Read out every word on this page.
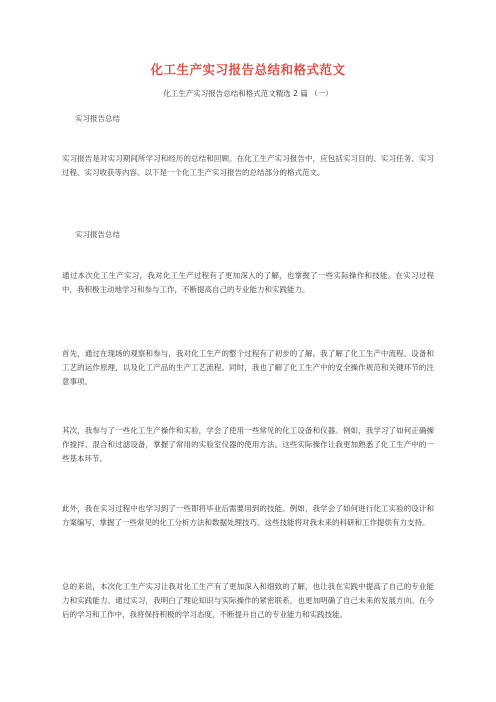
化工生产实习报告总结和格式范文
化工生产实习报告总结和格式范文精选 2 篇 （一）
实习报告总结
实习报告是对实习期间所学习和经历的总结和回顾。在化工生产实习报告中，应包括实习目的、实习任务、实习过程、实习收获等内容。以下是一个化工生产实习报告的总结部分的格式范文。
实习报告总结
通过本次化工生产实习，我对化工生产过程有了更加深入的了解，也掌握了一些实际操作和技能。在实习过程中，我积极主动地学习和参与工作，不断提高自己的专业能力和实践能力。
首先，通过在现场的观察和参与，我对化工生产的整个过程有了初步的了解。我了解了化工生产中流程、设备和工艺的运作原理，以及化工产品的生产工艺流程。同时，我也了解了化工生产中的安全操作规范和关键环节的注意事项。
其次，我参与了一些化工生产操作和实验，学会了使用一些常见的化工设备和仪器。例如，我学习了如何正确操作搅拌、混合和过滤设备，掌握了常用的实验室仪器的使用方法。这些实际操作让我更加熟悉了化工生产中的一些基本环节。
此外，我在实习过程中也学习到了一些即将毕业后需要用到的技能。例如，我学会了如何进行化工实验的设计和方案编写，掌握了一些常见的化工分析方法和数据处理技巧。这些技能将对我未来的科研和工作提供有力支持。
总的来说，本次化工生产实习让我对化工生产有了更加深入和细致的了解，也让我在实践中提高了自己的专业能力和实践能力。通过实习，我明白了理论知识与实际操作的紧密联系，也更加明确了自己未来的发展方向。在今后的学习和工作中，我将保持积极的学习态度，不断提升自己的专业能力和实践技能。
